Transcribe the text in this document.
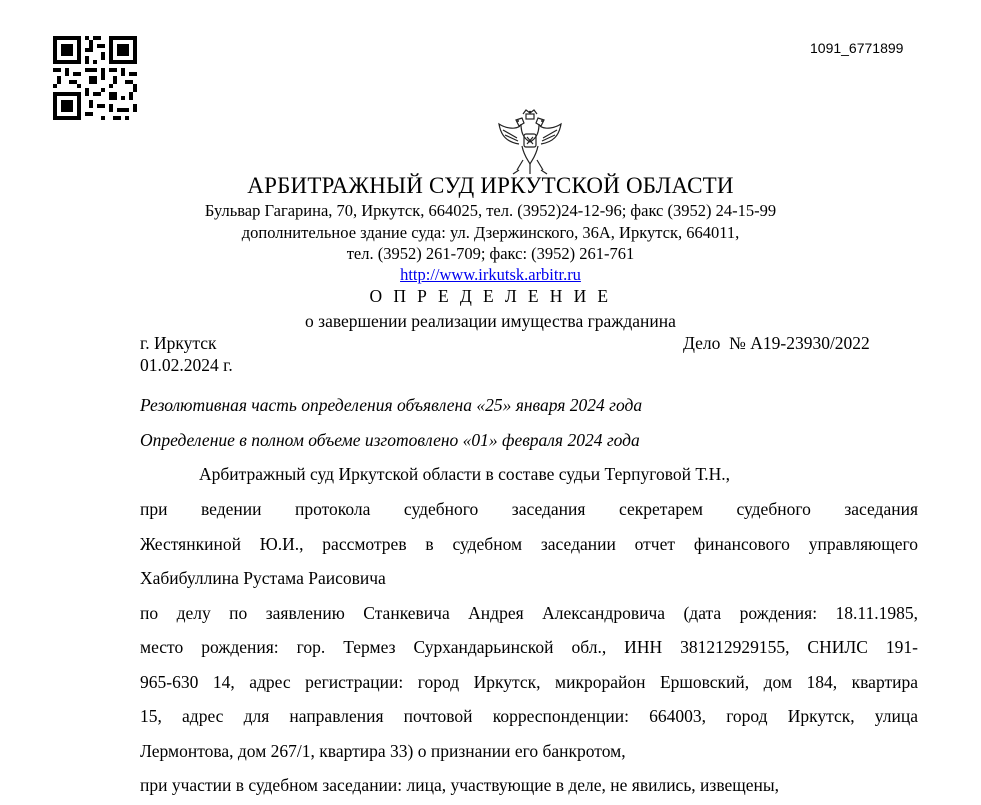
1091_6771899
АРБИТРАЖНЫЙ СУД ИРКУТСКОЙ ОБЛАСТИ
Бульвар Гагарина, 70, Иркутск, 664025, тел. (3952)24-12-96; факс (3952) 24-15-99
дополнительное здание суда: ул. Дзержинского, 36А, Иркутск, 664011,
тел. (3952) 261-709; факс: (3952) 261-761
http://www.irkutsk.arbitr.ru
О П Р Е Д Е Л Е Н И Е
о завершении реализации имущества гражданина
г. Иркутск	Дело  № А19-23930/2022
01.02.2024 г.
Резолютивная часть определения объявлена «25» января 2024 года
Определение в полном объеме изготовлено «01» февраля 2024 года
Арбитражный суд Иркутской области в составе судьи Терпуговой Т.Н.,
при ведении протокола судебного заседания секретарем судебного заседания
Жестянкиной Ю.И., рассмотрев в судебном заседании отчет финансового управляющего
Хабибуллина Рустама Раисовича
по делу по заявлению Станкевича Андрея Александровича (дата рождения: 18.11.1985,
место рождения: гор. Термез Сурхандарьинской обл., ИНН 381212929155, СНИЛС 191-
965-630 14, адрес регистрации: город Иркутск, микрорайон Ершовский, дом 184, квартира
15, адрес для направления почтовой корреспонденции: 664003, город Иркутск, улица
Лермонтова, дом 267/1, квартира 33) о признании его банкротом,
при участии в судебном заседании: лица, участвующие в деле, не явились, извещены,
